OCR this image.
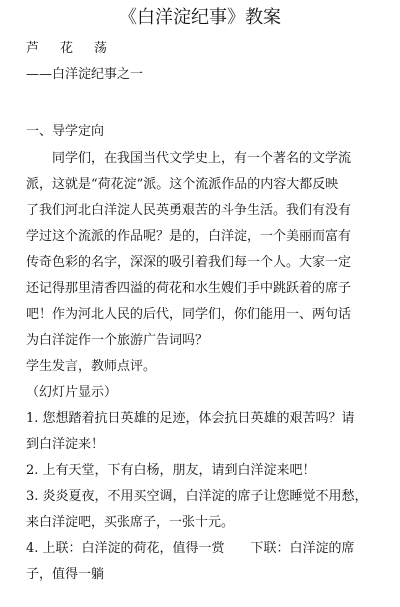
《白洋淀纪事》教案

芦花荡

——白洋淀纪事之一

一、导学定向

同学们，在我国当代文学史上，有一个著名的文学流
派，这就是“荷花淀”派。这个流派作品的内容大都反映
了我们河北白洋淀人民英勇艰苦的斗争生活。我们有没有
学过这个流派的作品呢？是的，白洋淀，一个美丽而富有
传奇色彩的名字，深深的吸引着我们每一个人。大家一定
还记得那里清香四溢的荷花和水生嫂们手中跳跃着的席子
吧！作为河北人民的后代，同学们，你们能用一、两句话
为白洋淀作一个旅游广告词吗？
学生发言，教师点评。
（幻灯片显示）
1. 您想踏着抗日英雄的足迹，体会抗日英雄的艰苦吗？请
到白洋淀来！
2. 上有天堂，下有白杨，朋友，请到白洋淀来吧！
3. 炎炎夏夜，不用买空调，白洋淀的席子让您睡觉不用愁，
来白洋淀吧，买张席子，一张十元。
4. 上联：白洋淀的荷花，值得一赏　　下联：白洋淀的席
子，值得一躺
